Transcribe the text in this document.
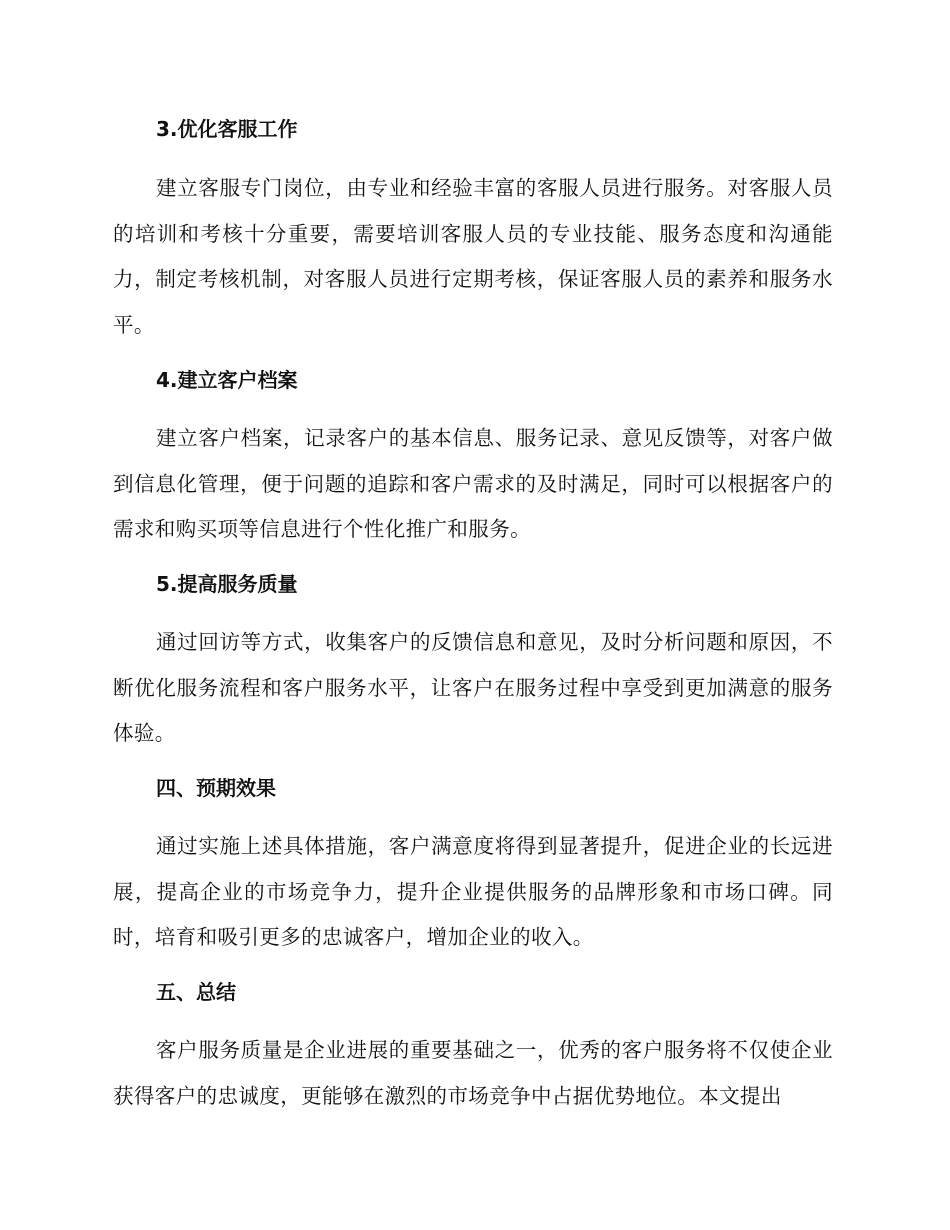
3.优化客服工作

建立客服专门岗位，由专业和经验丰富的客服人员进行服务。对客服人员的培训和考核十分重要，需要培训客服人员的专业技能、服务态度和沟通能力，制定考核机制，对客服人员进行定期考核，保证客服人员的素养和服务水平。

4.建立客户档案

建立客户档案，记录客户的基本信息、服务记录、意见反馈等，对客户做到信息化管理，便于问题的追踪和客户需求的及时满足，同时可以根据客户的需求和购买项等信息进行个性化推广和服务。

5.提高服务质量

通过回访等方式，收集客户的反馈信息和意见，及时分析问题和原因，不断优化服务流程和客户服务水平，让客户在服务过程中享受到更加满意的服务体验。

四、预期效果

通过实施上述具体措施，客户满意度将得到显著提升，促进企业的长远进展，提高企业的市场竞争力，提升企业提供服务的品牌形象和市场口碑。同时，培育和吸引更多的忠诚客户，增加企业的收入。

五、总结

客户服务质量是企业进展的重要基础之一，优秀的客户服务将不仅使企业获得客户的忠诚度，更能够在激烈的市场竞争中占据优势地位。本文提出
